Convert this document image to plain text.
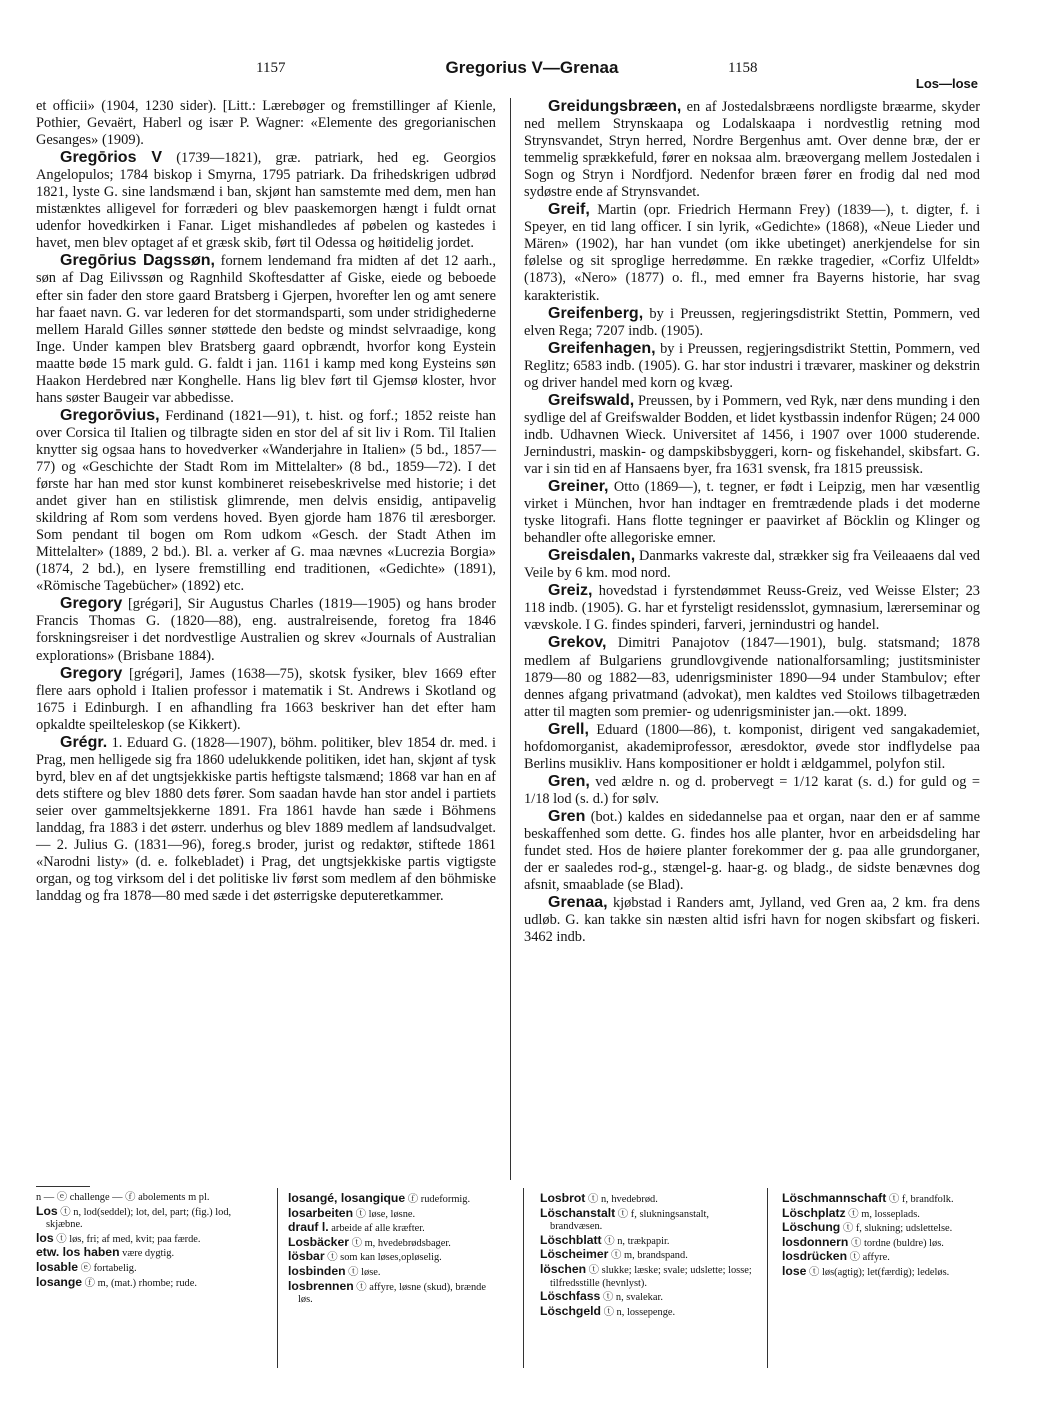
1157	Gregorius V—Grenaa	1158
Los—lose

et officii» (1904, 1230 sider). [Litt.: Lærebøger og fremstillinger af Kienle, Pothier, Gevaërt, Haberl og især P. Wagner: «Elemente des gregorianischen Gesanges» (1909).

Gregōrios V (1739—1821), græ. patriark, hed eg. Georgios Angelopulos; 1784 biskop i Smyrna, 1795 patriark. Da frihedskrigen udbrød 1821, lyste G. sine landsmænd i ban, skjønt han samstemte med dem, men han mistænktes alligevel for forræderi og blev paaskemorgen hængt i fuldt ornat udenfor hovedkirken i Fanar. Liget mishandledes af pøbelen og kastedes i havet, men blev optaget af et græsk skib, ført til Odessa og høitidelig jordet.

Gregōrius Dagssøn, fornem lendemand fra midten af det 12 aarh., søn af Dag Eilivssøn og Ragnhild Skoftesdatter af Giske, eiede og beboede efter sin fader den store gaard Bratsberg i Gjerpen, hvorefter len og amt senere har faaet navn. G. var lederen for det stormandsparti, som under stridighederne mellem Harald Gilles sønner støttede den bedste og mindst selvraadige, kong Inge. Under kampen blev Bratsberg gaard opbrændt, hvorfor kong Eystein maatte bøde 15 mark guld. G. faldt i jan. 1161 i kamp med kong Eysteins søn Haakon Herdebred nær Konghelle. Hans lig blev ført til Gjemsø kloster, hvor hans søster Baugeir var abbedisse.

Gregorōvius, Ferdinand (1821—91), t. hist. og forf.; 1852 reiste han over Corsica til Italien og tilbragte siden en stor del af sit liv i Rom. Til Italien knytter sig ogsaa hans to hovedverker «Wanderjahre in Italien» (5 bd., 1857—77) og «Geschichte der Stadt Rom im Mittelalter» (8 bd., 1859—72). I det første har han med stor kunst kombineret reisebeskrivelse med historie; i det andet giver han en stilistisk glimrende, men delvis ensidig, antipavelig skildring af Rom som verdens hoved. Byen gjorde ham 1876 til æresborger. Som pendant til bogen om Rom udkom «Gesch. der Stadt Athen im Mittelalter» (1889, 2 bd.). Bl. a. verker af G. maa nævnes «Lucrezia Borgia» (1874, 2 bd.), en lysere fremstilling end traditionen, «Gedichte» (1891), «Römische Tagebücher» (1892) etc.

Gregory [grégəri], Sir Augustus Charles (1819—1905) og hans broder Francis Thomas G. (1820—88), eng. australreisende, foretog fra 1846 forskningsreiser i det nordvestlige Australien og skrev «Journals of Australian explorations» (Brisbane 1884).

Gregory [grégəri], James (1638—75), skotsk fysiker, blev 1669 efter flere aars ophold i Italien professor i matematik i St. Andrews i Skotland og 1675 i Edinburgh. I en afhandling fra 1663 beskriver han det efter ham opkaldte speilteleskop (se Kikkert).

Grégr. 1. Eduard G. (1828—1907), böhm. politiker, blev 1854 dr. med. i Prag, men helligede sig fra 1860 udelukkende politiken, idet han, skjønt af tysk byrd, blev en af det ungtsjekkiske partis heftigste talsmænd; 1868 var han en af dets stiftere og blev 1880 dets fører. Som saadan havde han stor andel i partiets seier over gammeltsjekkerne 1891. Fra 1861 havde han sæde i Böhmens landdag, fra 1883 i det østerr. underhus og blev 1889 medlem af landsudvalget. — 2. Julius G. (1831—96), foreg.s broder, jurist og redaktør, stiftede 1861 «Narodni listy» (d. e. folkebladet) i Prag, det ungtsjekkiske partis vigtigste organ, og tog virksom del i det politiske liv først som medlem af den böhmiske landdag og fra 1878—80 med sæde i det østerrigske deputeretkammer.

Greidungsbræen, en af Jostedalsbræens nordligste bræarme, skyder ned mellem Strynskaapa og Lodalskaapa i nordvestlig retning mod Strynsvandet, Stryn herred, Nordre Bergenhus amt. Over denne bræ, der er temmelig sprækkefuld, fører en noksaa alm. bræovergang mellem Jostedalen i Sogn og Stryn i Nordfjord. Nedenfor bræen fører en frodig dal ned mod sydøstre ende af Strynsvandet.

Greif, Martin (opr. Friedrich Hermann Frey) (1839—), t. digter, f. i Speyer, en tid lang officer. I sin lyrik, «Gedichte» (1868), «Neue Lieder und Mären» (1902), har han vundet (om ikke ubetinget) anerkjendelse for sin følelse og sit sproglige herredømme. En række tragedier, «Corfiz Ulfeldt» (1873), «Nero» (1877) o. fl., med emner fra Bayerns historie, har svag karakteristik.

Greifenberg, by i Preussen, regjeringsdistrikt Stettin, Pommern, ved elven Rega; 7207 indb. (1905).

Greifenhagen, by i Preussen, regjeringsdistrikt Stettin, Pommern, ved Reglitz; 6583 indb. (1905). G. har stor industri i trævarer, maskiner og dekstrin og driver handel med korn og kvæg.

Greifswald, Preussen, by i Pommern, ved Ryk, nær dens munding i den sydlige del af Greifswalder Bodden, et lidet kystbassin indenfor Rügen; 24 000 indb. Udhavnen Wieck. Universitet af 1456, i 1907 over 1000 studerende. Jernindustri, maskin- og dampskibsbyggeri, korn- og fiskehandel, skibsfart. G. var i sin tid en af Hansaens byer, fra 1631 svensk, fra 1815 preussisk.

Greiner, Otto (1869—), t. tegner, er født i Leipzig, men har væsentlig virket i München, hvor han indtager en fremtrædende plads i det moderne tyske litografi. Hans flotte tegninger er paavirket af Böcklin og Klinger og behandler ofte allegoriske emner.

Greisdalen, Danmarks vakreste dal, strækker sig fra Veileaaens dal ved Veile by 6 km. mod nord.

Greiz, hovedstad i fyrstendømmet Reuss-Greiz, ved Weisse Elster; 23 118 indb. (1905). G. har et fyrsteligt residensslot, gymnasium, lærerseminar og vævskole. I G. findes spinderi, farveri, jernindustri og handel.

Grekov, Dimitri Panajotov (1847—1901), bulg. statsmand; 1878 medlem af Bulgariens grundlovgivende nationalforsamling; justitsminister 1879—80 og 1882—83, udenrigsminister 1890—94 under Stambulov; efter dennes afgang privatmand (advokat), men kaldtes ved Stoilows tilbagetræden atter til magten som premier- og udenrigsminister jan.—okt. 1899.

Grell, Eduard (1800—86), t. komponist, dirigent ved sangakademiet, hofdomorganist, akademiprofessor, æresdoktor, øvede stor indflydelse paa Berlins musikliv. Hans kompositioner er holdt i ældgammel, polyfon stil.

Gren, ved ældre n. og d. probervegt = 1/12 karat (s. d.) for guld og = 1/18 lod (s. d.) for sølv.

Gren (bot.) kaldes en sidedannelse paa et organ, naar den er af samme beskaffenhed som dette. G. findes hos alle planter, hvor en arbeidsdeling har fundet sted. Hos de høiere planter forekommer der g. paa alle grundorganer, der er saaledes rod-g., stængel-g. haar-g. og bladg., de sidste benævnes dog afsnit, smaablade (se Blad).

Grenaa, kjøbstad i Randers amt, Jylland, ved Gren aa, 2 km. fra dens udløb. G. kan takke sin næsten altid isfri havn for nogen skibsfart og fiskeri. 3462 indb.

n — ⓔ challenge — ⓕ abolements m pl.

Los ⓣ n, lod(seddel); lot, del, part; (fig.) lod, skjæbne.

los ⓣ løs, fri; af med, kvit; paa færde.

etw. los haben være dygtig.

losable ⓔ fortabelig.

losange ⓕ m, (mat.) rhombe; rude.

losangé, losangique ⓕ rudeformig.

losarbeiten ⓣ løse, løsne.

drauf l. arbeide af alle kræfter.

Losbäcker ⓣ m, hvedebrødsbager.

lösbar ⓣ som kan løses,opløselig.

losbinden ⓣ løse.

losbrennen ⓣ affyre, løsne (skud), brænde løs.

Losbrot ⓣ n, hvedebrød.

Löschanstalt ⓣ f, slukningsanstalt, brandvæsen.

Löschblatt ⓣ n, trækpapir.

Löscheimer ⓣ m, brandspand.

löschen ⓣ slukke; læske; svale; udslette; losse; tilfredsstille (hevnlyst).

Löschfass ⓣ n, svalekar.

Löschgeld ⓣ n, lossepenge.

Löschmannschaft ⓣ f, brandfolk.

Löschplatz ⓣ m, losseplads.

Löschung ⓣ f, slukning; udslettelse.

losdonnern ⓣ tordne (buldre) løs.

losdrücken ⓣ affyre.

lose ⓣ løs(agtig); let(færdig); ledeløs.
